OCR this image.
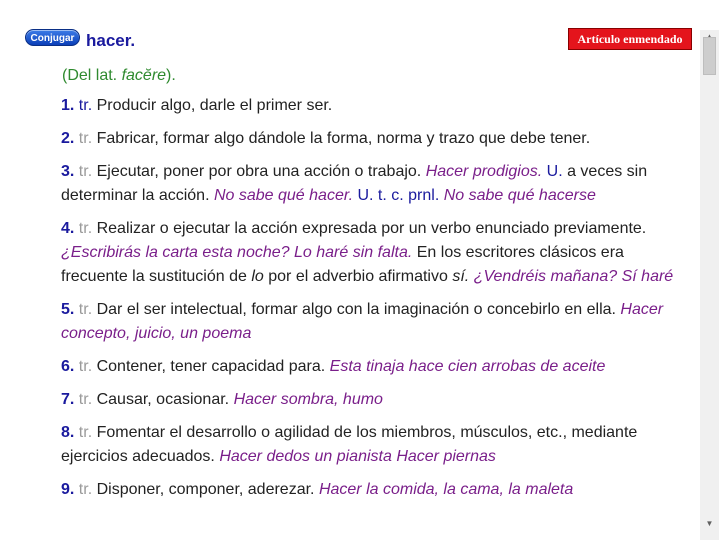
Conjugar hacer.	Artículo enmendado
(Del lat. facĕre).
1. tr. Producir algo, darle el primer ser.
2. tr. Fabricar, formar algo dándole la forma, norma y trazo que debe tener.
3. tr. Ejecutar, poner por obra una acción o trabajo. Hacer prodigios. U. a veces sin determinar la acción. No sabe qué hacer. U. t. c. prnl. No sabe qué hacerse
4. tr. Realizar o ejecutar la acción expresada por un verbo enunciado previamente. ¿Escribirás la carta esta noche? Lo haré sin falta. En los escritores clásicos era frecuente la sustitución de lo por el adverbio afirmativo sí. ¿Vendréis mañana? Sí haré
5. tr. Dar el ser intelectual, formar algo con la imaginación o concebirlo en ella. Hacer concepto, juicio, un poema
6. tr. Contener, tener capacidad para. Esta tinaja hace cien arrobas de aceite
7. tr. Causar, ocasionar. Hacer sombra, humo
8. tr. Fomentar el desarrollo o agilidad de los miembros, músculos, etc., mediante ejercicios adecuados. Hacer dedos un pianista Hacer piernas
9. tr. Disponer, componer, aderezar. Hacer la comida, la cama, la maleta
▼
